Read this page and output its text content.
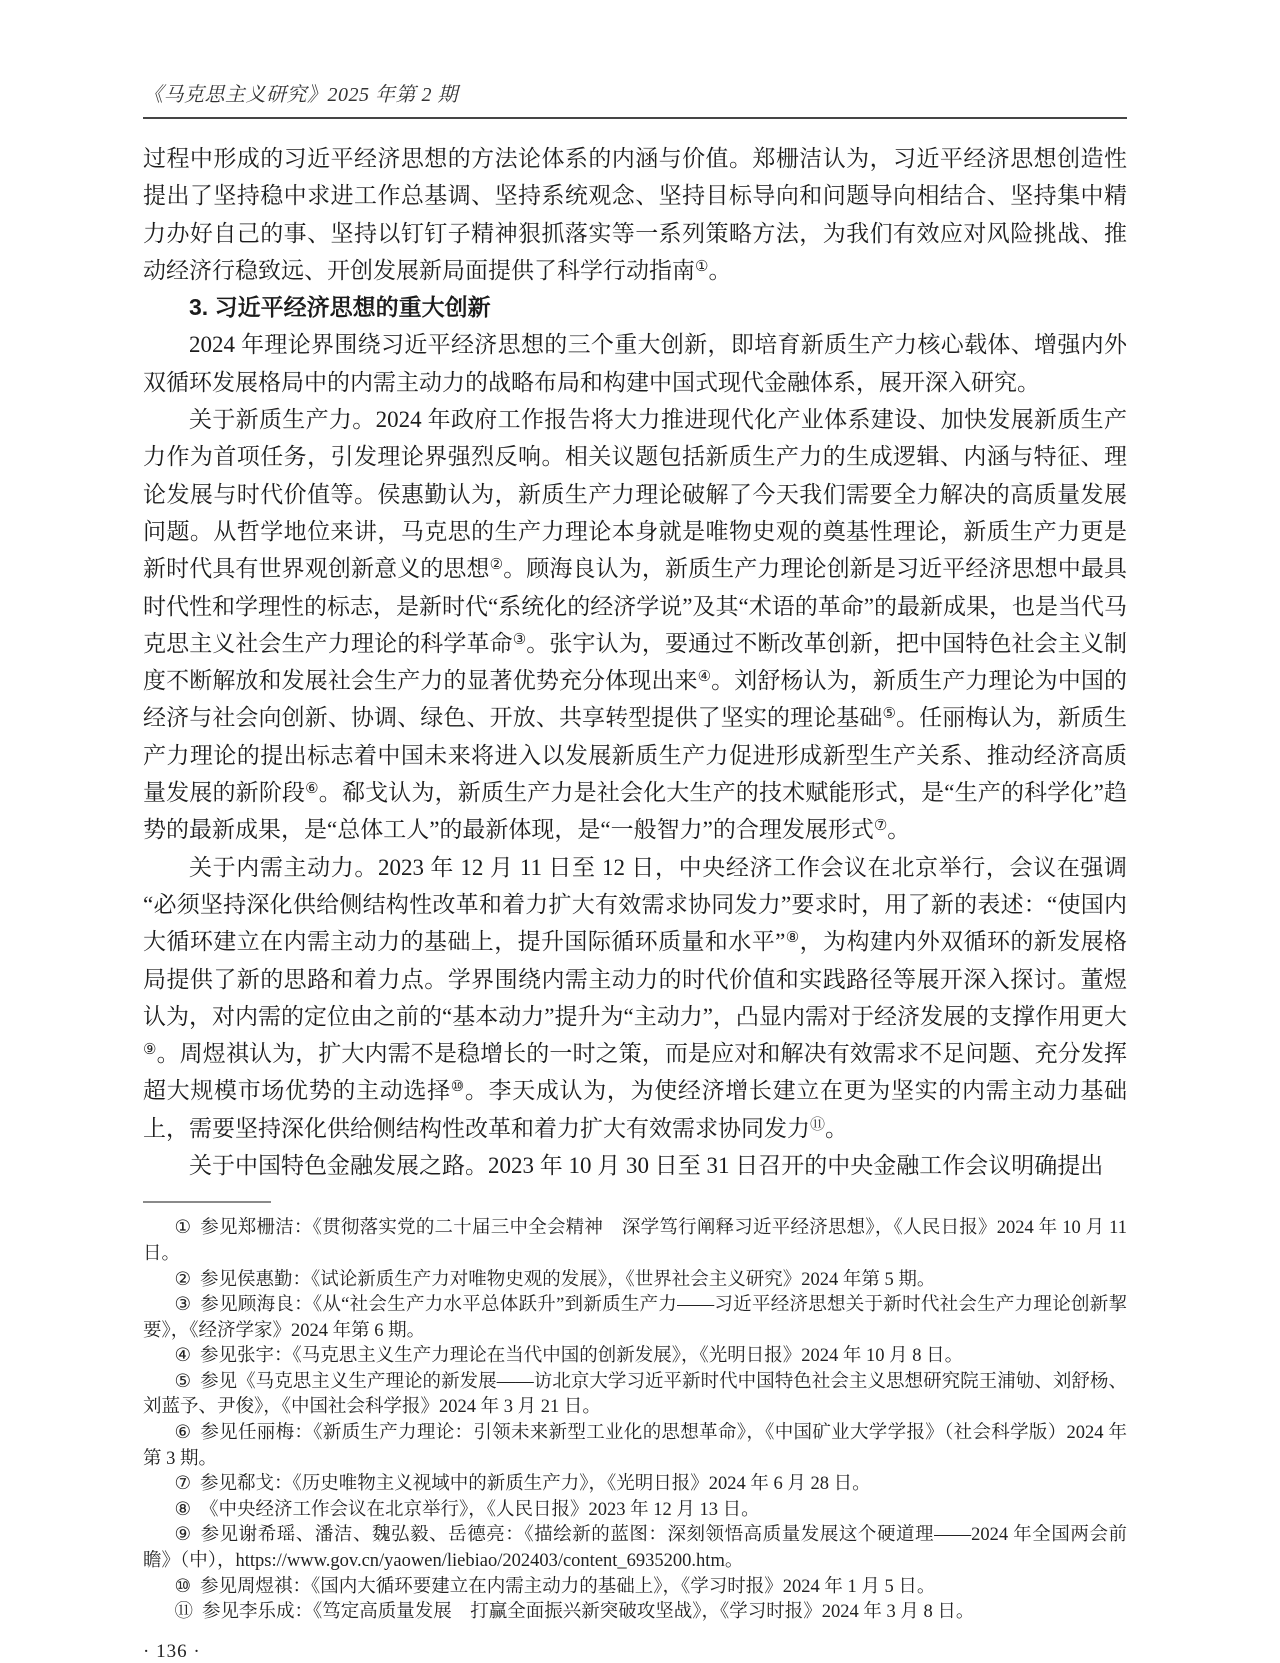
《马克思主义研究》2025 年第 2 期

过程中形成的习近平经济思想的方法论体系的内涵与价值。郑栅洁认为，习近平经济思想创造性提出了坚持稳中求进工作总基调、坚持系统观念、坚持目标导向和问题导向相结合、坚持集中精力办好自己的事、坚持以钉钉子精神狠抓落实等一系列策略方法，为我们有效应对风险挑战、推动经济行稳致远、开创发展新局面提供了科学行动指南①。

3. 习近平经济思想的重大创新

2024 年理论界围绕习近平经济思想的三个重大创新，即培育新质生产力核心载体、增强内外双循环发展格局中的内需主动力的战略布局和构建中国式现代金融体系，展开深入研究。

关于新质生产力。2024 年政府工作报告将大力推进现代化产业体系建设、加快发展新质生产力作为首项任务，引发理论界强烈反响。相关议题包括新质生产力的生成逻辑、内涵与特征、理论发展与时代价值等。侯惠勤认为，新质生产力理论破解了今天我们需要全力解决的高质量发展问题。从哲学地位来讲，马克思的生产力理论本身就是唯物史观的奠基性理论，新质生产力更是新时代具有世界观创新意义的思想②。顾海良认为，新质生产力理论创新是习近平经济思想中最具时代性和学理性的标志，是新时代“系统化的经济学说”及其“术语的革命”的最新成果，也是当代马克思主义社会生产力理论的科学革命③。张宇认为，要通过不断改革创新，把中国特色社会主义制度不断解放和发展社会生产力的显著优势充分体现出来④。刘舒杨认为，新质生产力理论为中国的经济与社会向创新、协调、绿色、开放、共享转型提供了坚实的理论基础⑤。任丽梅认为，新质生产力理论的提出标志着中国未来将进入以发展新质生产力促进形成新型生产关系、推动经济高质量发展的新阶段⑥。郗戈认为，新质生产力是社会化大生产的技术赋能形式，是“生产的科学化”趋势的最新成果，是“总体工人”的最新体现，是“一般智力”的合理发展形式⑦。

关于内需主动力。2023 年 12 月 11 日至 12 日，中央经济工作会议在北京举行，会议在强调“必须坚持深化供给侧结构性改革和着力扩大有效需求协同发力”要求时，用了新的表述：“使国内大循环建立在内需主动力的基础上，提升国际循环质量和水平”⑧，为构建内外双循环的新发展格局提供了新的思路和着力点。学界围绕内需主动力的时代价值和实践路径等展开深入探讨。董煜认为，对内需的定位由之前的“基本动力”提升为“主动力”，凸显内需对于经济发展的支撑作用更大⑨。周煜祺认为，扩大内需不是稳增长的一时之策，而是应对和解决有效需求不足问题、充分发挥超大规模市场优势的主动选择⑩。李天成认为，为使经济增长建立在更为坚实的内需主动力基础上，需要坚持深化供给侧结构性改革和着力扩大有效需求协同发力⑪。

关于中国特色金融发展之路。2023 年 10 月 30 日至 31 日召开的中央金融工作会议明确提出

① 参见郑栅洁：《贯彻落实党的二十届三中全会精神　深学笃行阐释习近平经济思想》，《人民日报》2024 年 10 月 11 日。

② 参见侯惠勤：《试论新质生产力对唯物史观的发展》，《世界社会主义研究》2024 年第 5 期。

③ 参见顾海良：《从“社会生产力水平总体跃升”到新质生产力——习近平经济思想关于新时代社会生产力理论创新挈要》，《经济学家》2024 年第 6 期。

④ 参见张宇：《马克思主义生产力理论在当代中国的创新发展》，《光明日报》2024 年 10 月 8 日。

⑤ 参见《马克思主义生产理论的新发展——访北京大学习近平新时代中国特色社会主义思想研究院王浦劬、刘舒杨、刘蓝予、尹俊》，《中国社会科学报》2024 年 3 月 21 日。

⑥ 参见任丽梅：《新质生产力理论：引领未来新型工业化的思想革命》，《中国矿业大学学报》（社会科学版）2024 年第 3 期。

⑦ 参见郗戈：《历史唯物主义视域中的新质生产力》，《光明日报》2024 年 6 月 28 日。

⑧ 《中央经济工作会议在北京举行》，《人民日报》2023 年 12 月 13 日。

⑨ 参见谢希瑶、潘洁、魏弘毅、岳德亮：《描绘新的蓝图：深刻领悟高质量发展这个硬道理——2024 年全国两会前瞻》（中），https://www.gov.cn/yaowen/liebiao/202403/content_6935200.htm。

⑩ 参见周煜祺：《国内大循环要建立在内需主动力的基础上》，《学习时报》2024 年 1 月 5 日。

⑪ 参见李乐成：《笃定高质量发展　打赢全面振兴新突破攻坚战》，《学习时报》2024 年 3 月 8 日。

· 136 ·
